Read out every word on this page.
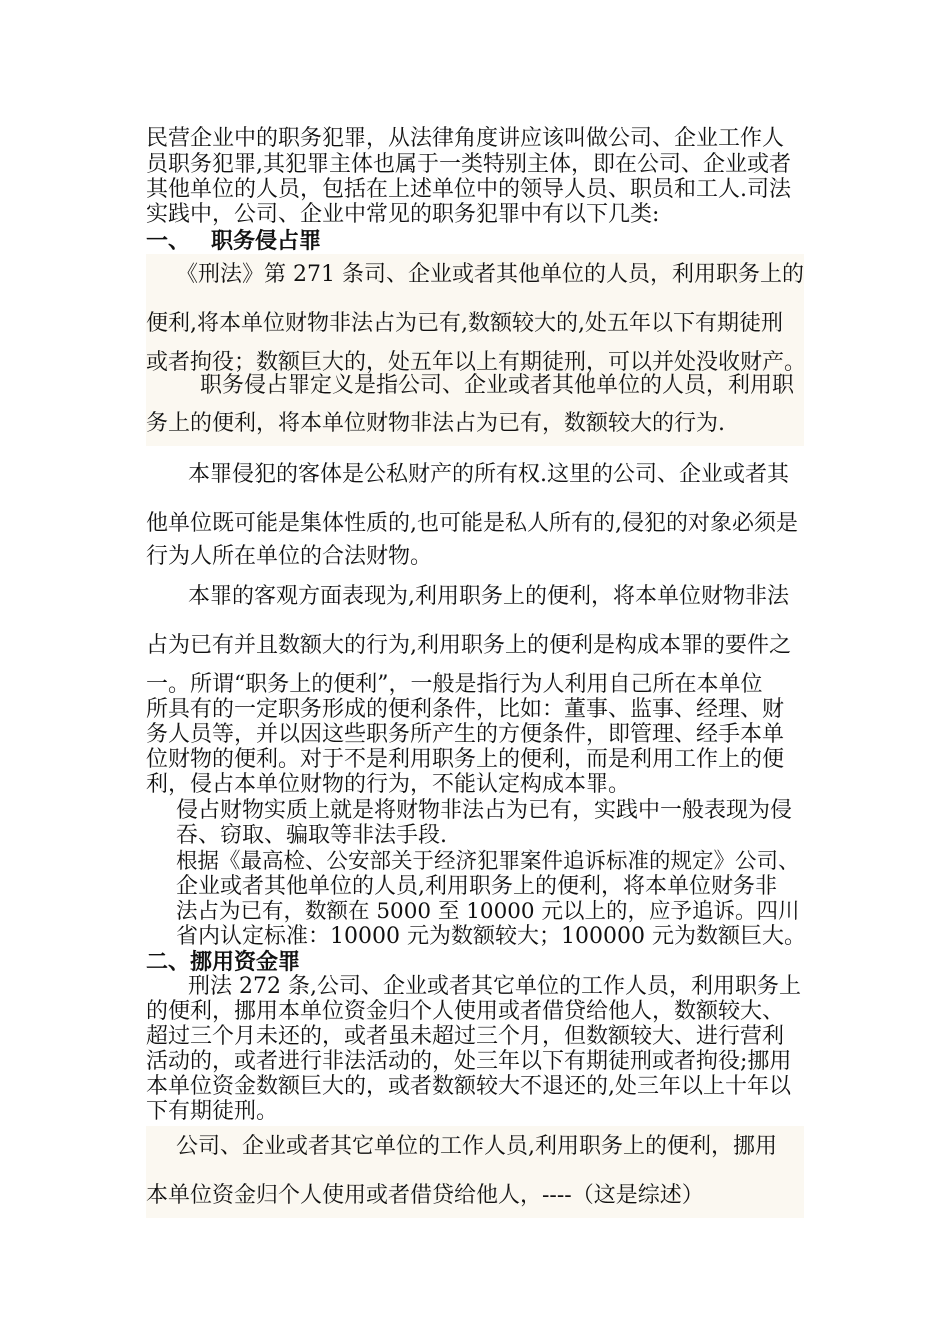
民营企业中的职务犯罪，从法律角度讲应该叫做公司、企业工作人
员职务犯罪,其犯罪主体也属于一类特别主体，即在公司、企业或者
其他单位的人员，包括在上述单位中的领导人员、职员和工人.司法
实践中，公司、企业中常见的职务犯罪中有以下几类:
一、 职务侵占罪
《刑法》第 271 条司、企业或者其他单位的人员，利用职务上的
便利,将本单位财物非法占为已有,数额较大的,处五年以下有期徒刑
或者拘役；数额巨大的，处五年以上有期徒刑，可以并处没收财产。
职务侵占罪定义是指公司、企业或者其他单位的人员，利用职
务上的便利，将本单位财物非法占为已有，数额较大的行为.
本罪侵犯的客体是公私财产的所有权.这里的公司、企业或者其
他单位既可能是集体性质的,也可能是私人所有的,侵犯的对象必须是
行为人所在单位的合法财物。
本罪的客观方面表现为,利用职务上的便利，将本单位财物非法
占为已有并且数额大的行为,利用职务上的便利是构成本罪的要件之
一。所谓“职务上的便利”，一般是指行为人利用自己所在本单位
所具有的一定职务形成的便利条件，比如：董事、监事、经理、财
务人员等，并以因这些职务所产生的方便条件，即管理、经手本单
位财物的便利。对于不是利用职务上的便利，而是利用工作上的便
利，侵占本单位财物的行为，不能认定构成本罪。
侵占财物实质上就是将财物非法占为已有，实践中一般表现为侵
吞、窃取、骗取等非法手段.
根据《最高检、公安部关于经济犯罪案件追诉标准的规定》公司、
企业或者其他单位的人员,利用职务上的便利，将本单位财务非
法占为已有，数额在 5000 至 10000 元以上的，应予追诉。四川
省内认定标准：10000 元为数额较大；100000 元为数额巨大。
二、挪用资金罪
刑法 272 条,公司、企业或者其它单位的工作人员，利用职务上
的便利，挪用本单位资金归个人使用或者借贷给他人，数额较大、
超过三个月未还的，或者虽未超过三个月，但数额较大、进行营利
活动的，或者进行非法活动的，处三年以下有期徒刑或者拘役;挪用
本单位资金数额巨大的，或者数额较大不退还的,处三年以上十年以
下有期徒刑。
公司、企业或者其它单位的工作人员,利用职务上的便利，挪用
本单位资金归个人使用或者借贷给他人，----（这是综述）
